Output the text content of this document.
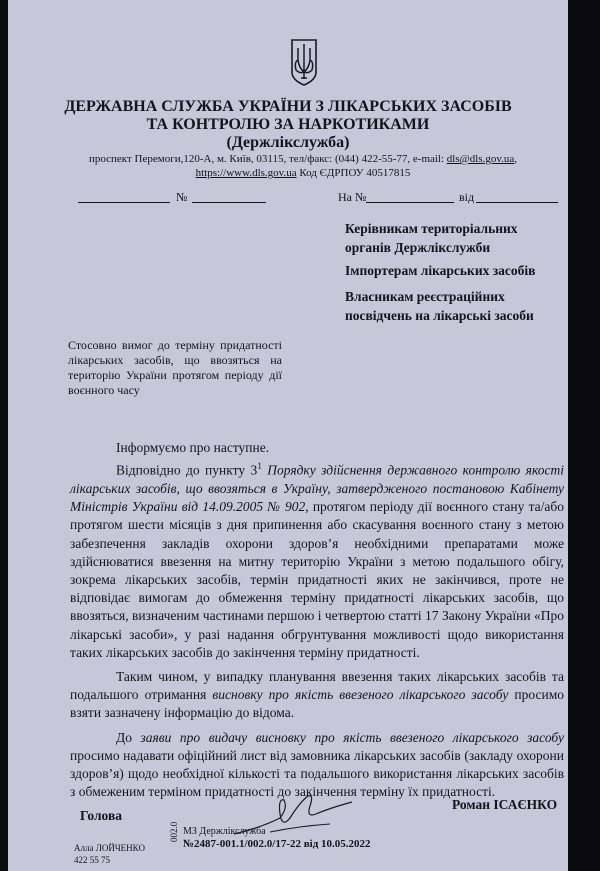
ДЕРЖАВНА СЛУЖБА УКРАЇНИ З ЛІКАРСЬКИХ ЗАСОБІВ
ТА КОНТРОЛЮ ЗА НАРКОТИКАМИ
(Держлікслужба)
проспект Перемоги,120-А, м. Київ, 03115, тел/факс: (044) 422-55-77, e-mail: dls@dls.gov.ua,
https://www.dls.gov.ua Код ЄДРПОУ 40517815
№	На №	від
Керівникам територіальних органів Держлікслужби
Імпортерам лікарських засобів
Власникам реєстраційних посвідчень на лікарські засоби
Стосовно вимог до терміну придатності лікарських засобів, що ввозяться на територію України протягом періоду дії воєнного часу

Інформуємо про наступне.

Відповідно до пункту $3^1$ Порядку здійснення державного контролю якості лікарських засобів, що ввозяться в Україну, затвердженого постановою Кабінету Міністрів України від 14.09.2005 № 902, протягом періоду дії воєнного стану та/або протягом шести місяців з дня припинення або скасування воєнного стану з метою забезпечення закладів охорони здоров’я необхідними препаратами може здійснюватися ввезення на митну територію України з метою подальшого обігу, зокрема лікарських засобів, термін придатності яких не закінчився, проте не відповідає вимогам до обмеження терміну придатності лікарських засобів, що ввозяться, визначеним частинами першою і четвертою статті 17 Закону України «Про лікарські засоби», у разі надання обгрунтування можливості щодо використання таких лікарських засобів до закінчення терміну придатності.

Таким чином, у випадку планування ввезення таких лікарських засобів та подальшого отримання висновку про якість ввезеного лікарського засобу просимо взяти зазначену інформацію до відома.

До заяви про видачу висновку про якість ввезеного лікарського засобу просимо надавати офіційний лист від замовника лікарських засобів (закладу охорони здоров’я) щодо необхідної кількості та подальшого використання лікарських засобів з обмеженим терміном придатності до закінчення терміну їх придатності.

Голова
Роман ІСАЄНКО
МЗ Держлікслужба
№2487-001.1/002.0/17-22 від 10.05.2022
002.0
Алла ЛОЙЧЕНКО
422 55 75
